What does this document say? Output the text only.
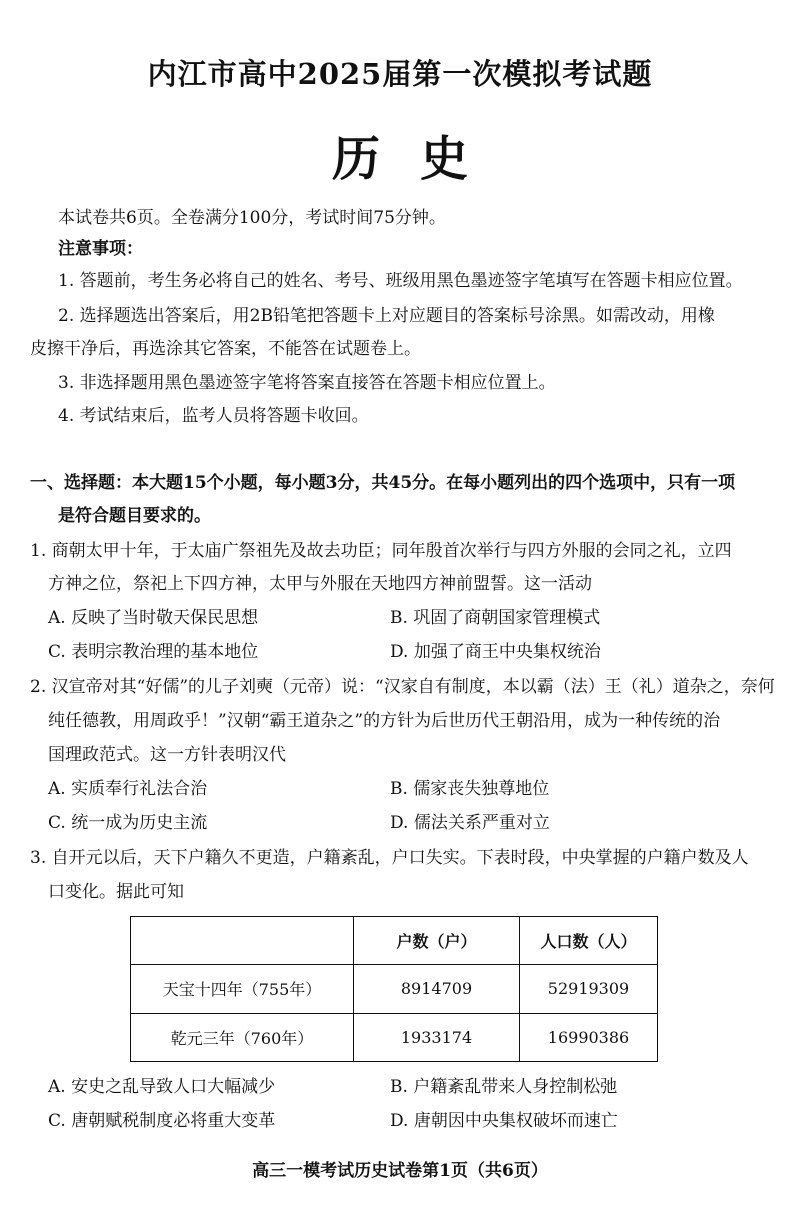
内江市高中2025届第一次模拟考试题
历史
本试卷共6页。全卷满分100分，考试时间75分钟。
注意事项：
1. 答题前，考生务必将自己的姓名、考号、班级用黑色墨迹签字笔填写在答题卡相应位置。
2. 选择题选出答案后，用2B铅笔把答题卡上对应题目的答案标号涂黑。如需改动，用橡
皮擦干净后，再选涂其它答案，不能答在试题卷上。
3. 非选择题用黑色墨迹签字笔将答案直接答在答题卡相应位置上。
4. 考试结束后，监考人员将答题卡收回。
一、选择题：本大题15个小题，每小题3分，共45分。在每小题列出的四个选项中，只有一项
是符合题目要求的。
1. 商朝太甲十年，于太庙广祭祖先及故去功臣；同年殷首次举行与四方外服的会同之礼，立四
方神之位，祭祀上下四方神，太甲与外服在天地四方神前盟誓。这一活动
A. 反映了当时敬天保民思想	B. 巩固了商朝国家管理模式
C. 表明宗教治理的基本地位	D. 加强了商王中央集权统治
2. 汉宣帝对其“好儒”的儿子刘奭（元帝）说：“汉家自有制度，本以霸（法）王（礼）道杂之，奈何
纯任德教，用周政乎！”汉朝“霸王道杂之”的方针为后世历代王朝沿用，成为一种传统的治
国理政范式。这一方针表明汉代
A. 实质奉行礼法合治	B. 儒家丧失独尊地位
C. 统一成为历史主流	D. 儒法关系严重对立
3. 自开元以后，天下户籍久不更造，户籍紊乱，户口失实。下表时段，中央掌握的户籍户数及人
口变化。据此可知
	户数（户）	人口数（人）
天宝十四年（755年）	8914709	52919309
乾元三年（760年）	1933174	16990386
A. 安史之乱导致人口大幅减少	B. 户籍紊乱带来人身控制松弛
C. 唐朝赋税制度必将重大变革	D. 唐朝因中央集权破坏而速亡
高三一模考试历史试卷第1页（共6页）
